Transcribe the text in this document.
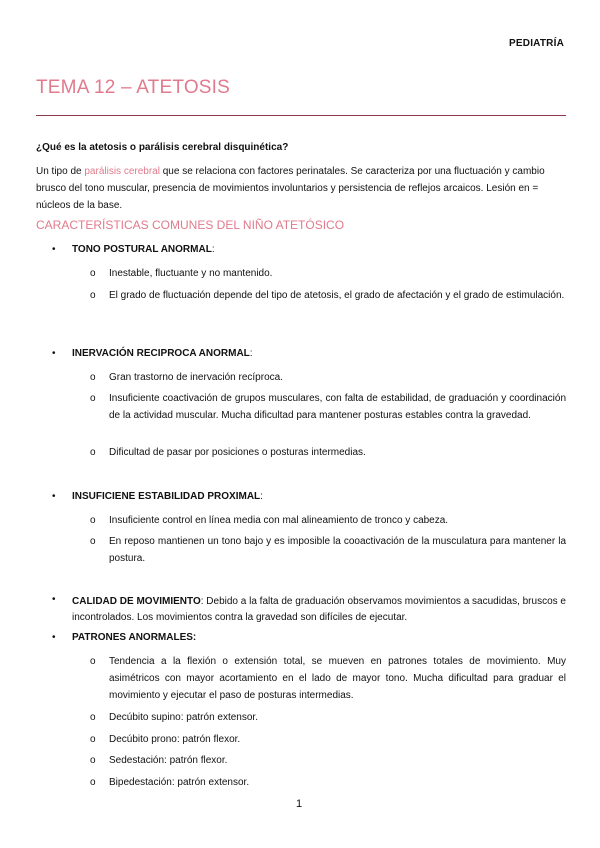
PEDIATRÍA
TEMA 12 – ATETOSIS
¿Qué es la atetosis o parálisis cerebral disquinética?
Un tipo de parálisis cerebral que se relaciona con factores perinatales. Se caracteriza por una fluctuación y cambio brusco del tono muscular, presencia de movimientos involuntarios y persistencia de reflejos arcaicos. Lesión en = núcleos de la base.
CARACTERÍSTICAS COMUNES DEL NIÑO ATETÓSICO
• TONO POSTURAL ANORMAL:
o Inestable, fluctuante y no mantenido.
o El grado de fluctuación depende del tipo de atetosis, el grado de afectación y el grado de estimulación.
• INERVACIÓN RECIPROCA ANORMAL:
o Gran trastorno de inervación recíproca.
o Insuficiente coactivación de grupos musculares, con falta de estabilidad, de graduación y coordinación de la actividad muscular. Mucha dificultad para mantener posturas estables contra la gravedad.
o Dificultad de pasar por posiciones o posturas intermedias.
• INSUFICIENE ESTABILIDAD PROXIMAL:
o Insuficiente control en línea media con mal alineamiento de tronco y cabeza.
o En reposo mantienen un tono bajo y es imposible la cooactivación de la musculatura para mantener la postura.
• CALIDAD DE MOVIMIENTO: Debido a la falta de graduación observamos movimientos a sacudidas, bruscos e incontrolados. Los movimientos contra la gravedad son difíciles de ejecutar.
• PATRONES ANORMALES:
o Tendencia a la flexión o extensión total, se mueven en patrones totales de movimiento. Muy asimétricos con mayor acortamiento en el lado de mayor tono. Mucha dificultad para graduar el movimiento y ejecutar el paso de posturas intermedias.
o Decúbito supino: patrón extensor.
o Decúbito prono: patrón flexor.
o Sedestación: patrón flexor.
o Bipedestación: patrón extensor.
1
